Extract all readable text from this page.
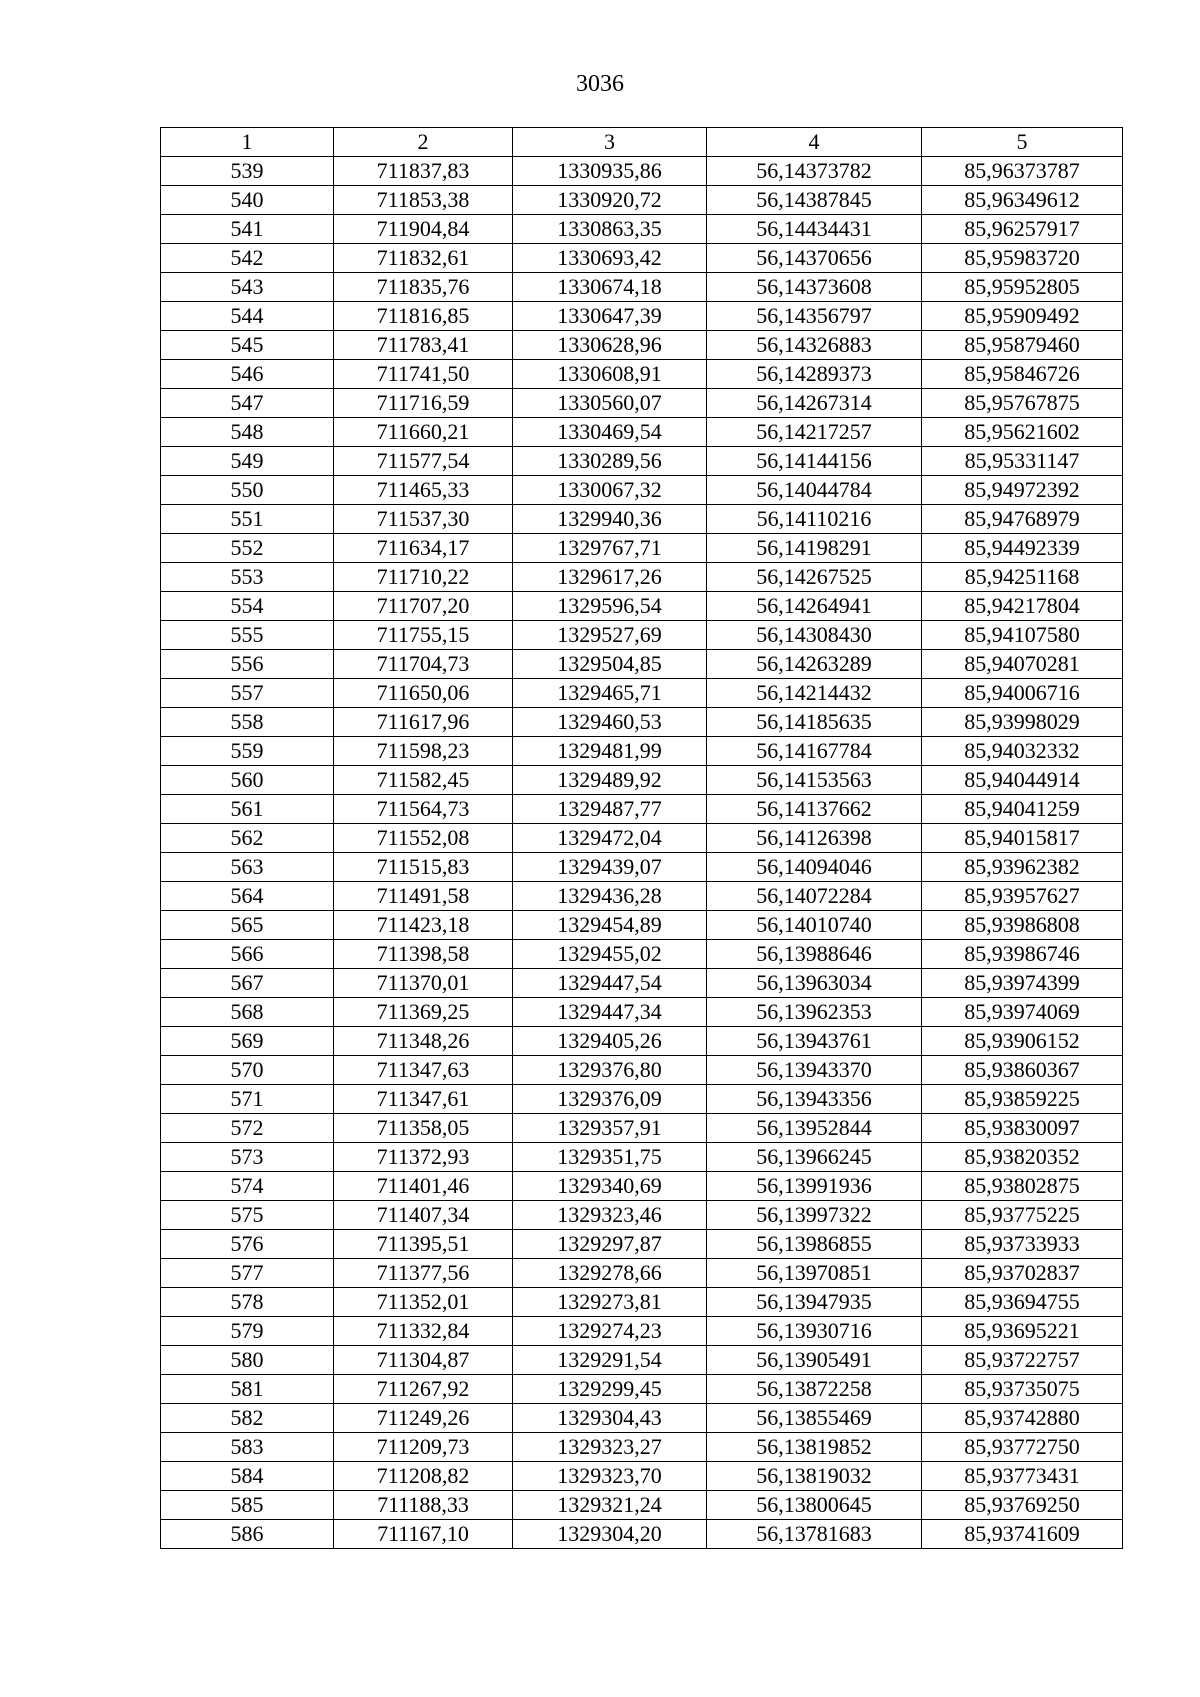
3036
1	2	3	4	5
539	711837,83	1330935,86	56,14373782	85,96373787
540	711853,38	1330920,72	56,14387845	85,96349612
541	711904,84	1330863,35	56,14434431	85,96257917
542	711832,61	1330693,42	56,14370656	85,95983720
543	711835,76	1330674,18	56,14373608	85,95952805
544	711816,85	1330647,39	56,14356797	85,95909492
545	711783,41	1330628,96	56,14326883	85,95879460
546	711741,50	1330608,91	56,14289373	85,95846726
547	711716,59	1330560,07	56,14267314	85,95767875
548	711660,21	1330469,54	56,14217257	85,95621602
549	711577,54	1330289,56	56,14144156	85,95331147
550	711465,33	1330067,32	56,14044784	85,94972392
551	711537,30	1329940,36	56,14110216	85,94768979
552	711634,17	1329767,71	56,14198291	85,94492339
553	711710,22	1329617,26	56,14267525	85,94251168
554	711707,20	1329596,54	56,14264941	85,94217804
555	711755,15	1329527,69	56,14308430	85,94107580
556	711704,73	1329504,85	56,14263289	85,94070281
557	711650,06	1329465,71	56,14214432	85,94006716
558	711617,96	1329460,53	56,14185635	85,93998029
559	711598,23	1329481,99	56,14167784	85,94032332
560	711582,45	1329489,92	56,14153563	85,94044914
561	711564,73	1329487,77	56,14137662	85,94041259
562	711552,08	1329472,04	56,14126398	85,94015817
563	711515,83	1329439,07	56,14094046	85,93962382
564	711491,58	1329436,28	56,14072284	85,93957627
565	711423,18	1329454,89	56,14010740	85,93986808
566	711398,58	1329455,02	56,13988646	85,93986746
567	711370,01	1329447,54	56,13963034	85,93974399
568	711369,25	1329447,34	56,13962353	85,93974069
569	711348,26	1329405,26	56,13943761	85,93906152
570	711347,63	1329376,80	56,13943370	85,93860367
571	711347,61	1329376,09	56,13943356	85,93859225
572	711358,05	1329357,91	56,13952844	85,93830097
573	711372,93	1329351,75	56,13966245	85,93820352
574	711401,46	1329340,69	56,13991936	85,93802875
575	711407,34	1329323,46	56,13997322	85,93775225
576	711395,51	1329297,87	56,13986855	85,93733933
577	711377,56	1329278,66	56,13970851	85,93702837
578	711352,01	1329273,81	56,13947935	85,93694755
579	711332,84	1329274,23	56,13930716	85,93695221
580	711304,87	1329291,54	56,13905491	85,93722757
581	711267,92	1329299,45	56,13872258	85,93735075
582	711249,26	1329304,43	56,13855469	85,93742880
583	711209,73	1329323,27	56,13819852	85,93772750
584	711208,82	1329323,70	56,13819032	85,93773431
585	711188,33	1329321,24	56,13800645	85,93769250
586	711167,10	1329304,20	56,13781683	85,93741609
